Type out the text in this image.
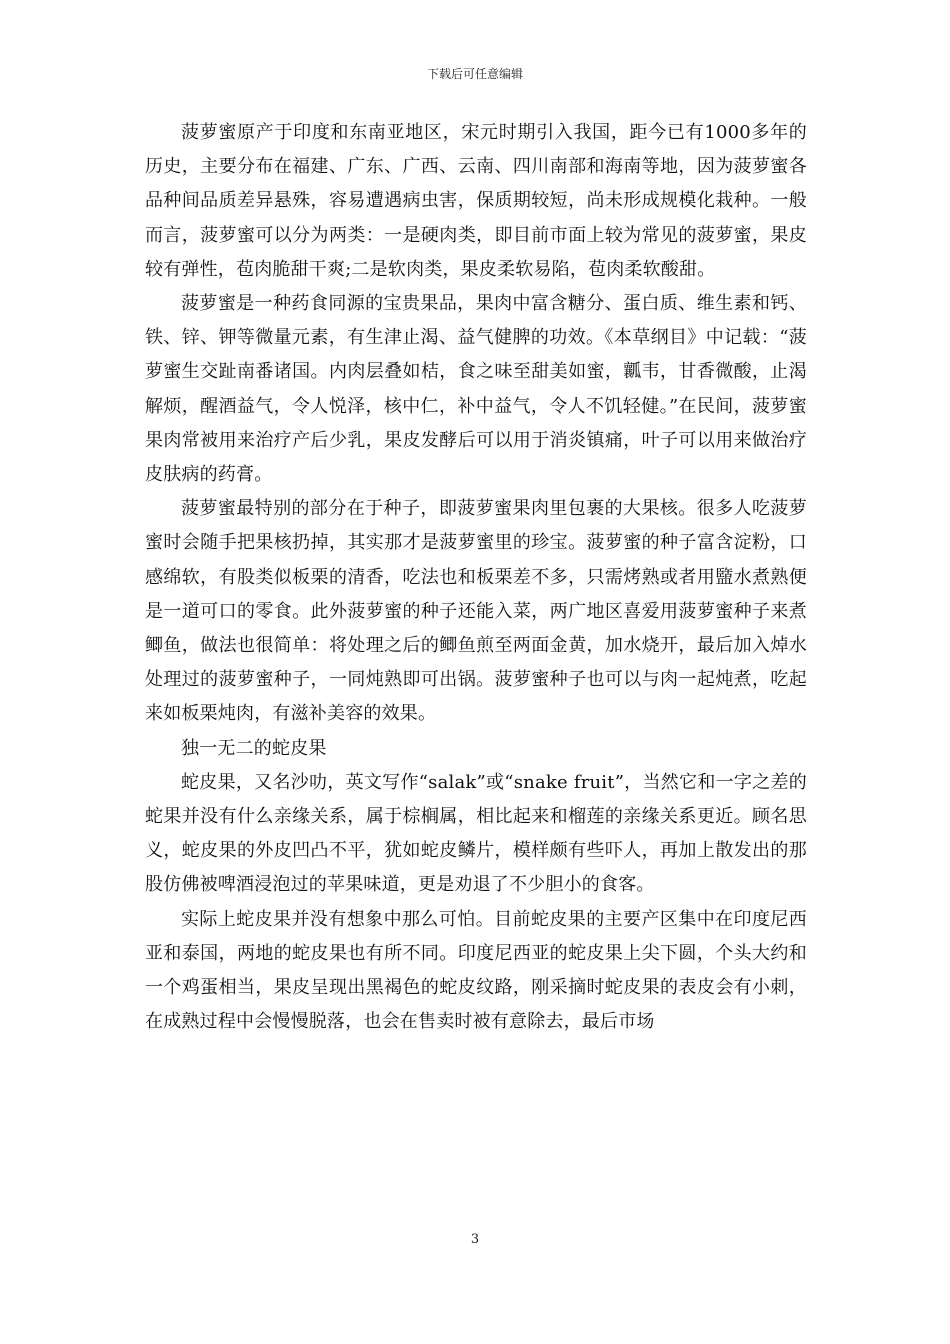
下载后可任意编辑

菠萝蜜原产于印度和东南亚地区，宋元时期引入我国，距今已有1000多年的历史，主要分布在福建、广东、广西、云南、四川南部和海南等地，因为菠萝蜜各品种间品质差异悬殊，容易遭遇病虫害，保质期较短，尚未形成规模化栽种。一般而言，菠萝蜜可以分为两类：一是硬肉类，即目前市面上较为常见的菠萝蜜，果皮较有弹性，苞肉脆甜干爽;二是软肉类，果皮柔软易陷，苞肉柔软酸甜。

菠萝蜜是一种药食同源的宝贵果品，果肉中富含糖分、蛋白质、维生素和钙、铁、锌、钾等微量元素，有生津止渴、益气健脾的功效。《本草纲目》中记载：“菠萝蜜生交趾南番诸国。内肉层叠如桔，食之味至甜美如蜜，瓤韦，甘香微酸，止渴解烦，醒酒益气，令人悦泽，核中仁，补中益气，令人不饥轻健。”在民间，菠萝蜜果肉常被用来治疗产后少乳，果皮发酵后可以用于消炎镇痛，叶子可以用来做治疗皮肤病的药膏。

菠萝蜜最特别的部分在于种子，即菠萝蜜果肉里包裹的大果核。很多人吃菠萝蜜时会随手把果核扔掉，其实那才是菠萝蜜里的珍宝。菠萝蜜的种子富含淀粉，口感绵软，有股类似板栗的清香，吃法也和板栗差不多，只需烤熟或者用盬水煮熟便是一道可口的零食。此外菠萝蜜的种子还能入菜，两广地区喜爱用菠萝蜜种子来煮鲫鱼，做法也很简单：将处理之后的鲫鱼煎至两面金黄，加水烧开，最后加入焯水处理过的菠萝蜜种子，一同炖熟即可出锅。菠萝蜜种子也可以与肉一起炖煮，吃起来如板栗炖肉，有滋补美容的效果。

独一无二的蛇皮果

蛇皮果，又名沙叻，英文写作“salak”或“snake fruit”，当然它和一字之差的蛇果并没有什么亲缘关系，属于棕榈属，相比起来和榴莲的亲缘关系更近。顾名思义，蛇皮果的外皮凹凸不平，犹如蛇皮鳞片，模样颇有些吓人，再加上散发出的那股仿佛被啤酒浸泡过的苹果味道，更是劝退了不少胆小的食客。

实际上蛇皮果并没有想象中那么可怕。目前蛇皮果的主要产区集中在印度尼西亚和泰国，两地的蛇皮果也有所不同。印度尼西亚的蛇皮果上尖下圆，个头大约和一个鸡蛋相当，果皮呈现出黑褐色的蛇皮纹路，刚采摘时蛇皮果的表皮会有小刺，在成熟过程中会慢慢脱落，也会在售卖时被有意除去，最后市场

3
